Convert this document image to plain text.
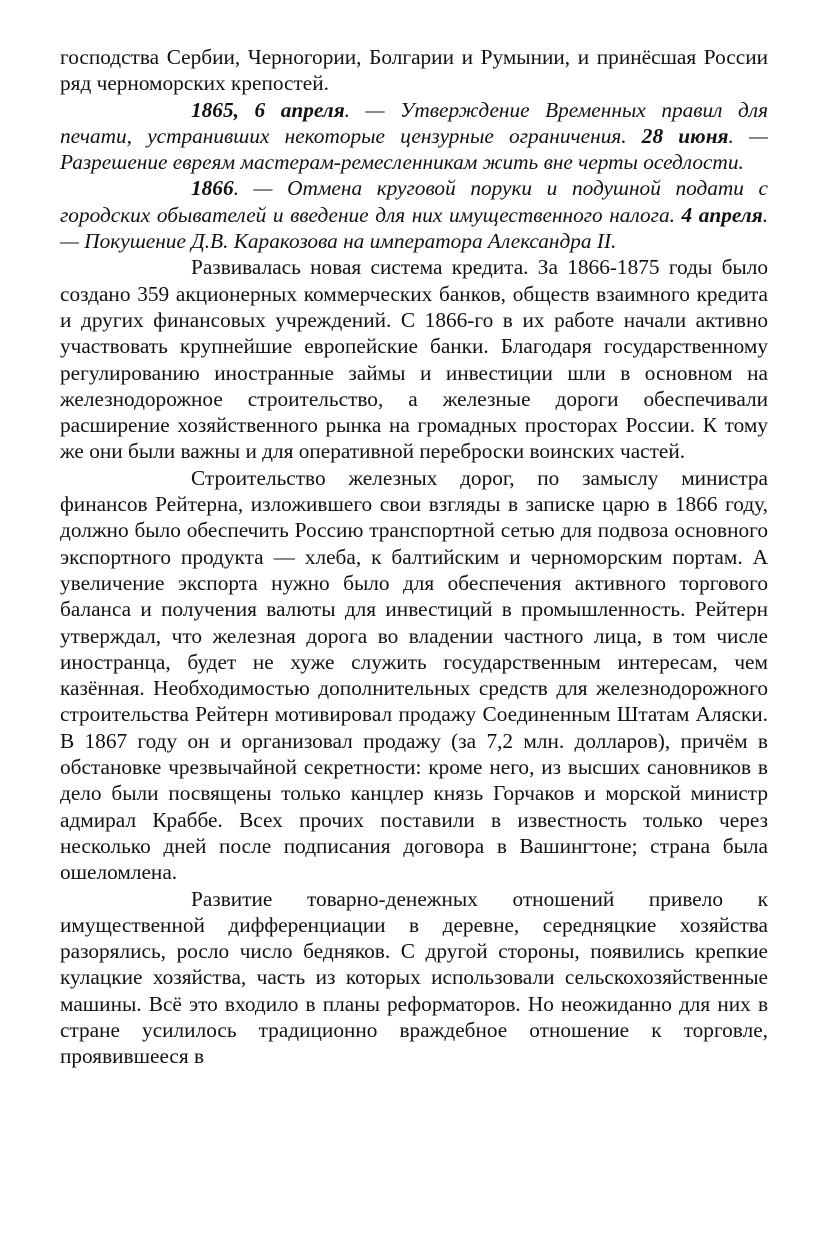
господства Сербии, Черногории, Болгарии и Румынии, и принёсшая России ряд черноморских крепостей.

1865, 6 апреля. — Утверждение Временных правил для печати, устранивших некоторые цензурные ограничения. 28 июня. — Разрешение евреям мастерам-ремесленникам жить вне черты оседлости.

1866. — Отмена круговой поруки и подушной подати с городских обывателей и введение для них имущественного налога. 4 апреля. — Покушение Д.В. Каракозова на императора Александра II.

Развивалась новая система кредита. За 1866-1875 годы было создано 359 акционерных коммерческих банков, обществ взаимного кредита и других финансовых учреждений. С 1866-го в их работе начали активно участвовать крупнейшие европейские банки. Благодаря государственному регулированию иностранные займы и инвестиции шли в основном на железнодорожное строительство, а железные дороги обеспечивали расширение хозяйственного рынка на громадных просторах России. К тому же они были важны и для оперативной переброски воинских частей.

Строительство железных дорог, по замыслу министра финансов Рейтерна, изложившего свои взгляды в записке царю в 1866 году, должно было обеспечить Россию транспортной сетью для подвоза основного экспортного продукта — хлеба, к балтийским и черноморским портам. А увеличение экспорта нужно было для обеспечения активного торгового баланса и получения валюты для инвестиций в промышленность. Рейтерн утверждал, что железная дорога во владении частного лица, в том числе иностранца, будет не хуже служить государственным интересам, чем казённая. Необходимостью дополнительных средств для железнодорожного строительства Рейтерн мотивировал продажу Соединенным Штатам Аляски. В 1867 году он и организовал продажу (за 7,2 млн. долларов), причём в обстановке чрезвычайной секретности: кроме него, из высших сановников в дело были посвящены только канцлер князь Горчаков и морской министр адмирал Краббе. Всех прочих поставили в известность только через несколько дней после подписания договора в Вашингтоне; страна была ошеломлена.

Развитие товарно-денежных отношений привело к имущественной дифференциации в деревне, середняцкие хозяйства разорялись, росло число бедняков. С другой стороны, появились крепкие кулацкие хозяйства, часть из которых использовали сельскохозяйственные машины. Всё это входило в планы реформаторов. Но неожиданно для них в стране усилилось традиционно враждебное отношение к торговле, проявившееся в
